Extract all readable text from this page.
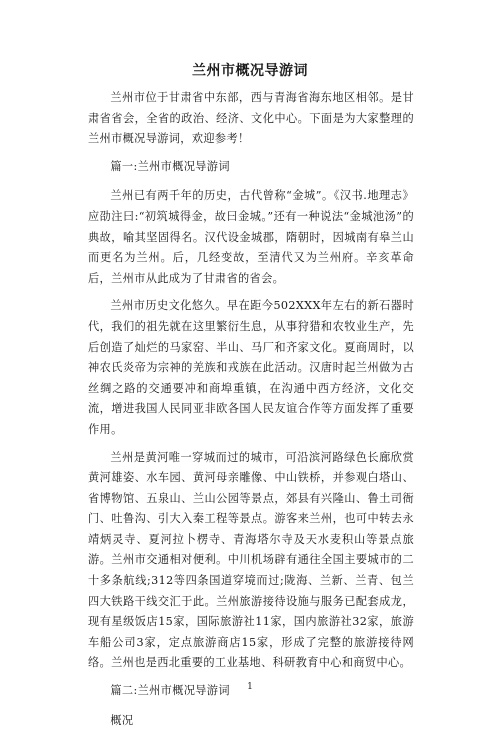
兰州市概况导游词

兰州市位于甘肃省中东部，西与青海省海东地区相邻。是甘肃省省会，全省的政治、经济、文化中心。下面是为大家整理的兰州市概况导游词，欢迎参考！

篇一:兰州市概况导游词

兰州已有两千年的历史，古代曾称“金城”。《汉书.地理志》应劭注曰:“初筑城得金，故曰金城。”还有一种说法“金城池汤”的典故，喻其坚固得名。汉代设金城郡，隋朝时，因城南有皋兰山而更名为兰州。后，几经变故，至清代又为兰州府。辛亥革命后，兰州市从此成为了甘肃省的省会。

兰州市历史文化悠久。早在距今502XXX年左右的新石器时代，我们的祖先就在这里繁衍生息，从事狩猎和农牧业生产，先后创造了灿烂的马家窑、半山、马厂和齐家文化。夏商周时，以神农氏炎帝为宗神的羌族和戎族在此活动。汉唐时起兰州做为古丝绸之路的交通要冲和商埠重镇，在沟通中西方经济，文化交流，增进我国人民同亚非欧各国人民友谊合作等方面发挥了重要作用。

兰州是黄河唯一穿城而过的城市，可沿滨河路绿色长廊欣赏黄河雄姿、水车园、黄河母亲雕像、中山铁桥，并参观白塔山、省博物馆、五泉山、兰山公园等景点，郊县有兴隆山、鲁土司衙门、吐鲁沟、引大入秦工程等景点。游客来兰州，也可中转去永靖炳灵寺、夏河拉卜楞寺、青海塔尔寺及天水麦积山等景点旅游。兰州市交通相对便利。中川机场辟有通往全国主要城市的二十多条航线;312等四条国道穿境而过;陇海、兰新、兰青、包兰四大铁路干线交汇于此。兰州旅游接待设施与服务已配套成龙，现有星级饭店15家，国际旅游社11家，国内旅游社32家，旅游车船公司3家，定点旅游商店15家，形成了完整的旅游接待网络。兰州也是西北重要的工业基地、科研教育中心和商贸中心。

篇二:兰州市概况导游词

概况

1
